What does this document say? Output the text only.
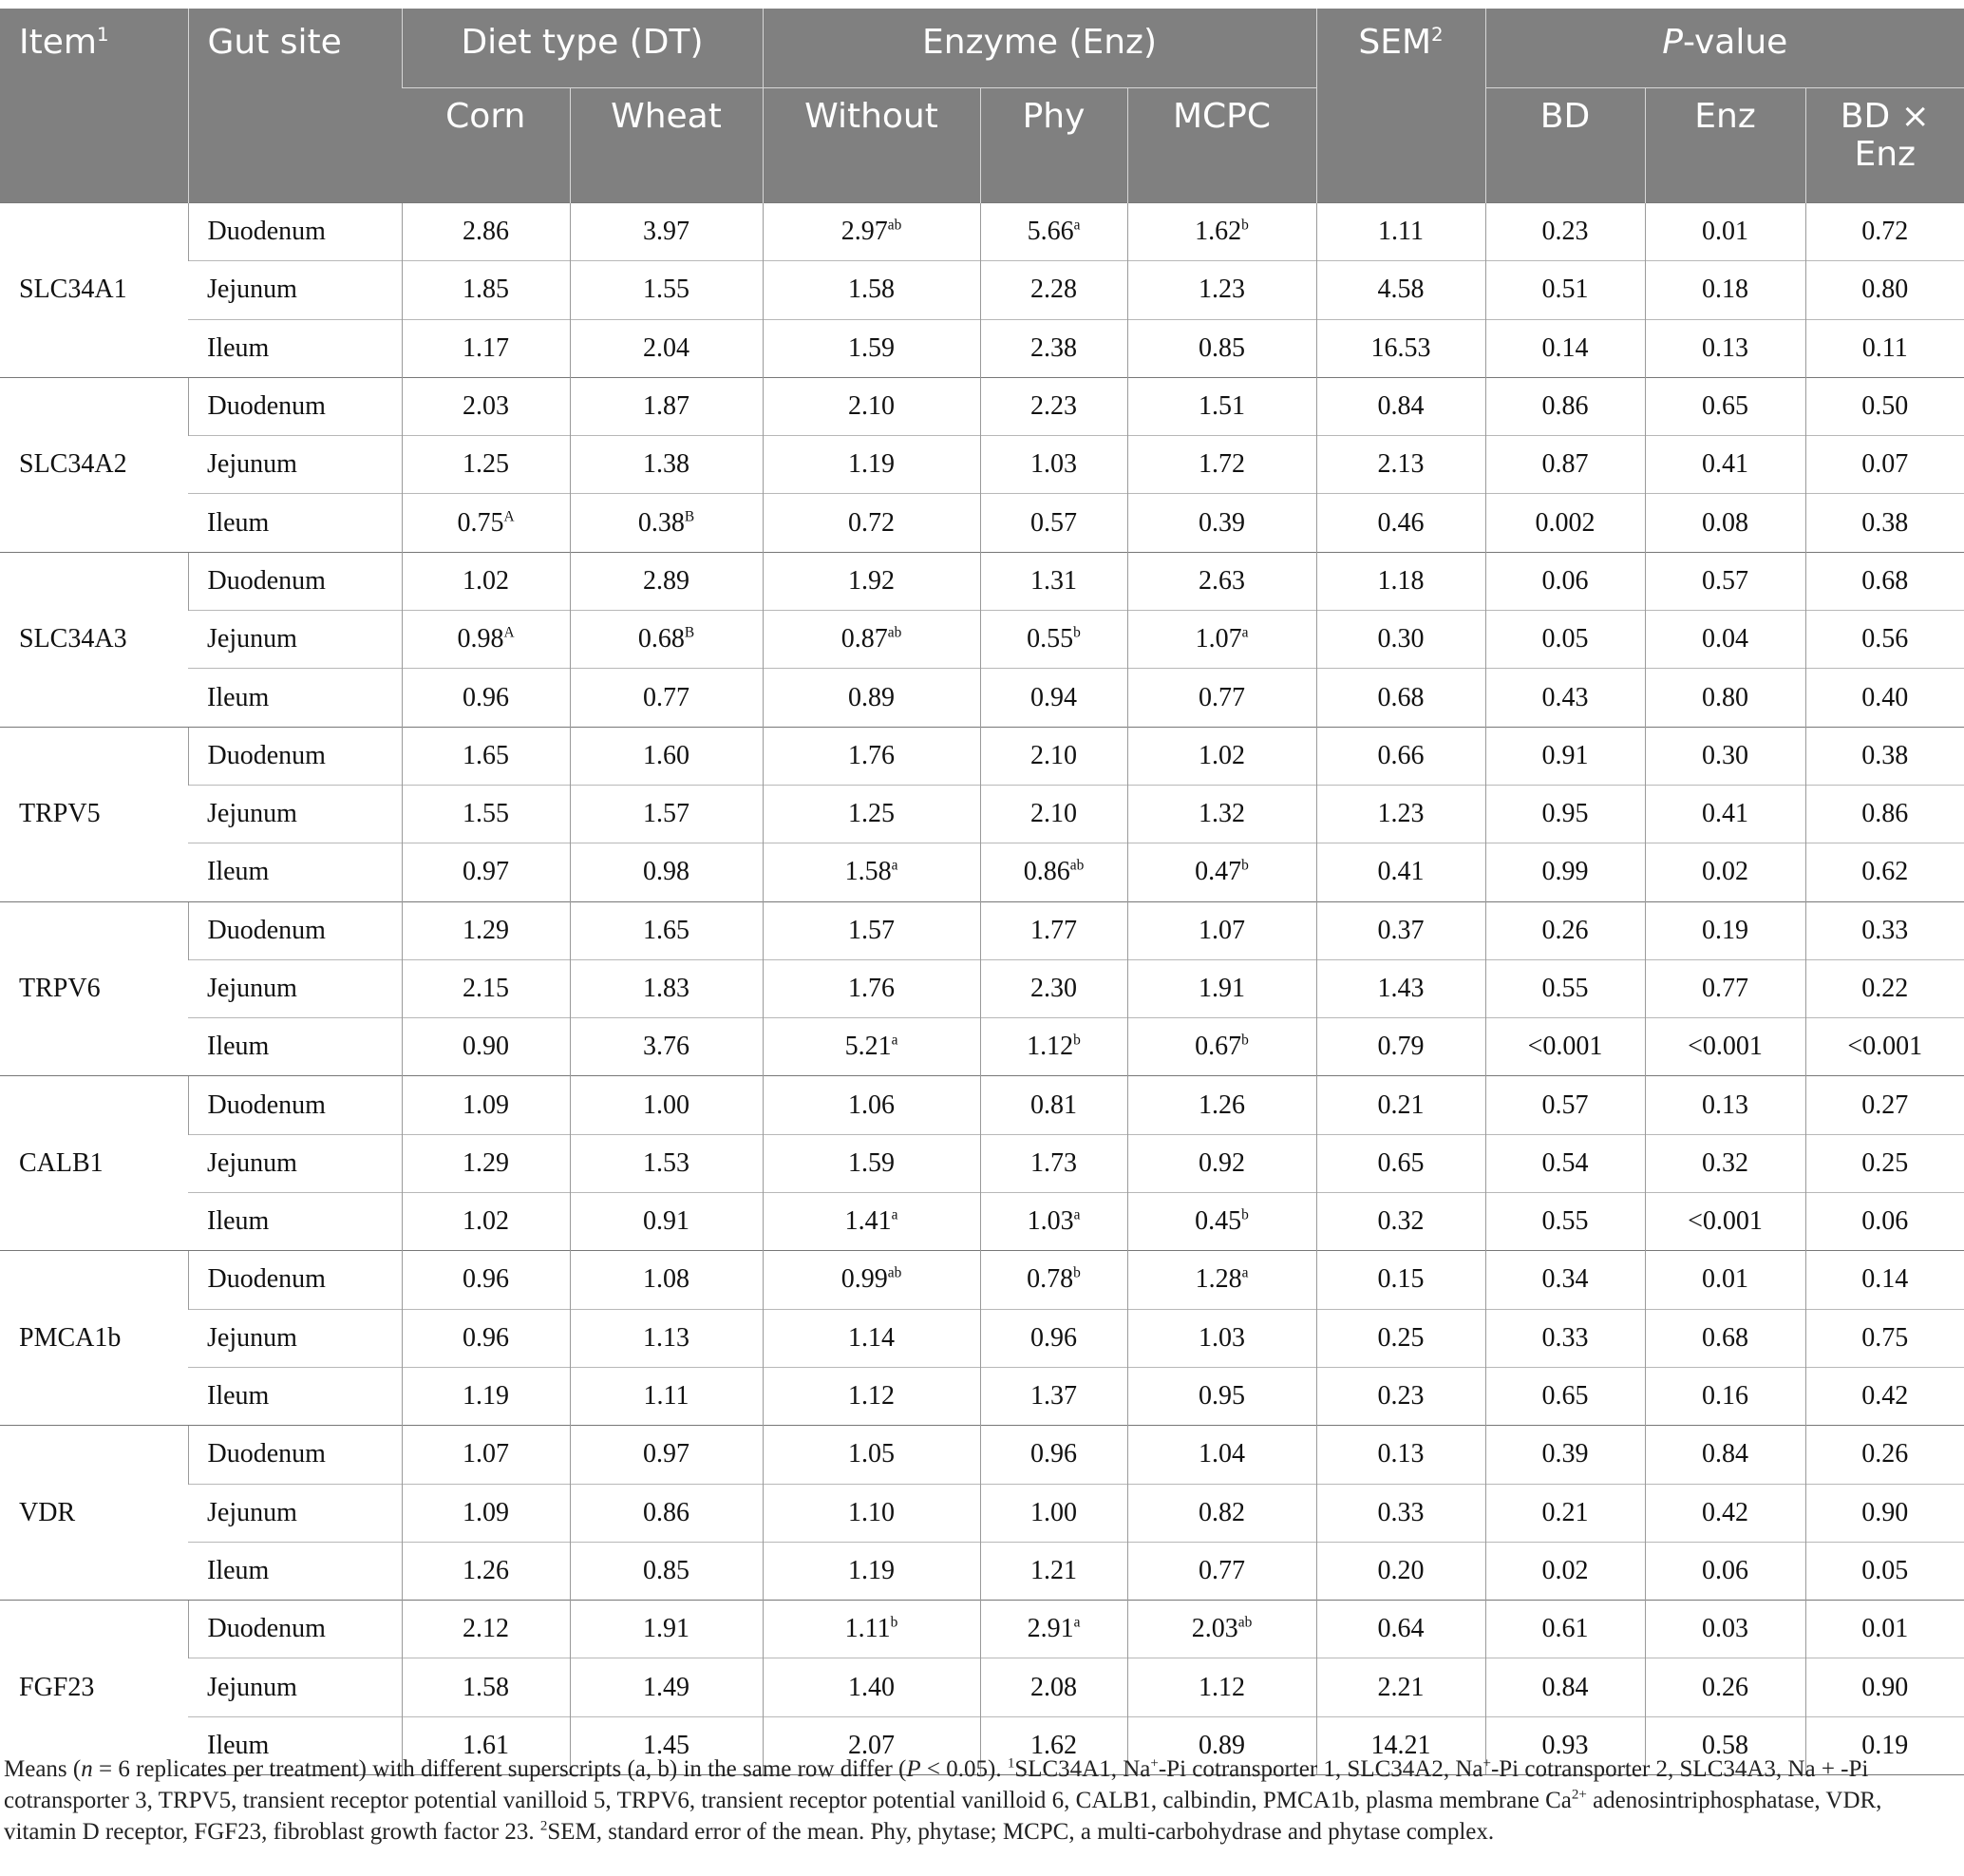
Item$^1$	Gut site	Diet type (DT)		Enzyme (Enz)			SEM$^2$	P-value		
		Corn	Wheat	Without	Phy	MCPC		BD	Enz	BD × Enz
SLC34A1	Duodenum	2.86	3.97	2.97$^{ab}$	5.66$^a$	1.62$^b$	1.11	0.23	0.01	0.72
	Jejunum	1.85	1.55	1.58	2.28	1.23	4.58	0.51	0.18	0.80
	Ileum	1.17	2.04	1.59	2.38	0.85	16.53	0.14	0.13	0.11
SLC34A2	Duodenum	2.03	1.87	2.10	2.23	1.51	0.84	0.86	0.65	0.50
	Jejunum	1.25	1.38	1.19	1.03	1.72	2.13	0.87	0.41	0.07
	Ileum	$0.75^A$	$0.38^B$	0.72	0.57	0.39	0.46	0.002	0.08	0.38
SLC34A3	Duodenum	1.02	2.89	1.92	1.31	2.63	1.18	0.06	0.57	0.68
	Jejunum	$0.98^A$	$0.68^B$	0.87$^{ab}$	0.55$^b$	1.07$^a$	0.30	0.05	0.04	0.56
	Ileum	0.96	0.77	0.89	0.94	0.77	0.68	0.43	0.80	0.40
TRPV5	Duodenum	1.65	1.60	1.76	2.10	1.02	0.66	0.91	0.30	0.38
	Jejunum	1.55	1.57	1.25	2.10	1.32	1.23	0.95	0.41	0.86
	Ileum	0.97	0.98	1.58$^a$	0.86$^{ab}$	0.47$^b$	0.41	0.99	0.02	0.62
TRPV6	Duodenum	1.29	1.65	1.57	1.77	1.07	0.37	0.26	0.19	0.33
	Jejunum	2.15	1.83	1.76	2.30	1.91	1.43	0.55	0.77	0.22
	Ileum	0.90	3.76	5.21$^a$	1.12$^b$	0.67$^b$	0.79	<0.001	<0.001	<0.001
CALB1	Duodenum	1.09	1.00	1.06	0.81	1.26	0.21	0.57	0.13	0.27
	Jejunum	1.29	1.53	1.59	1.73	0.92	0.65	0.54	0.32	0.25
	Ileum	1.02	0.91	1.41$^a$	1.03$^a$	0.45$^b$	0.32	0.55	<0.001	0.06
PMCA1b	Duodenum	0.96	1.08	0.99$^{ab}$	0.78$^b$	1.28$^a$	0.15	0.34	0.01	0.14
	Jejunum	0.96	1.13	1.14	0.96	1.03	0.25	0.33	0.68	0.75
	Ileum	1.19	1.11	1.12	1.37	0.95	0.23	0.65	0.16	0.42
VDR	Duodenum	1.07	0.97	1.05	0.96	1.04	0.13	0.39	0.84	0.26
	Jejunum	1.09	0.86	1.10	1.00	0.82	0.33	0.21	0.42	0.90
	Ileum	1.26	0.85	1.19	1.21	0.77	0.20	0.02	0.06	0.05
FGF23	Duodenum	2.12	1.91	1.11$^b$	2.91$^a$	2.03$^{ab}$	0.64	0.61	0.03	0.01
	Jejunum	1.58	1.49	1.40	2.08	1.12	2.21	0.84	0.26	0.90
	Ileum	1.61	1.45	2.07	1.62	0.89	14.21	0.93	0.58	0.19
Means (n = 6 replicates per treatment) with different superscripts (a, b) in the same row differ (P < 0.05). $^1$SLC34A1, Na+-Pi cotransporter 1, SLC34A2, Na+-Pi cotransporter 2, SLC34A3, Na + -Pi cotransporter 3, TRPV5, transient receptor potential vanilloid 5, TRPV6, transient receptor potential vanilloid 6, CALB1, calbindin, PMCA1b, plasma membrane $Ca^{2+}$ adenosintriphosphatase, VDR, vitamin D receptor, FGF23, fibroblast growth factor 23. $^2$SEM, standard error of the mean. Phy, phytase; MCPC, a multi-carbohydrase and phytase complex.
